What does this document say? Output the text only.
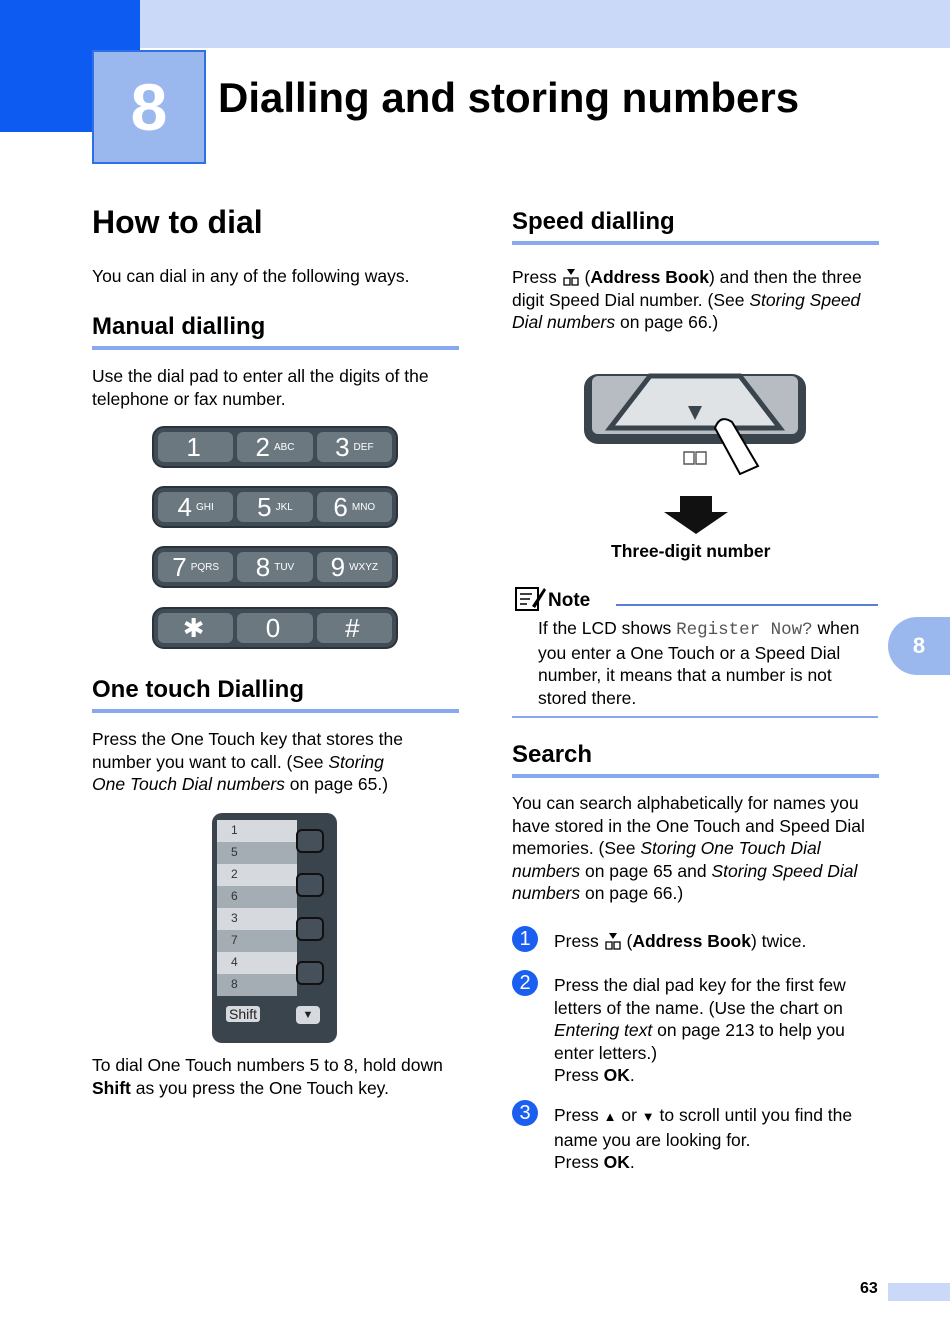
8	Dialling and storing numbers
How to dial
You can dial in any of the following ways.
Manual dialling
Use the dial pad to enter all the digits of the
telephone or fax number.
1 2 ABC 3 DEF
4 GHI 5 JKL 6 MNO
7 PQRS 8 TUV 9 WXYZ
✱ 0 #
One touch Dialling
Press the One Touch key that stores the
number you want to call. (See Storing
One Touch Dial numbers on page 65.)
1
5
2
6
3
7
4
8
Shift	▼
To dial One Touch numbers 5 to 8, hold down
Shift as you press the One Touch key.
Speed dialling
Press  (Address Book) and then the three
digit Speed Dial number. (See Storing Speed
Dial numbers on page 66.)
Three-digit number
Note
If the LCD shows Register Now? when
you enter a One Touch or a Speed Dial
number, it means that a number is not
stored there.
8
Search
You can search alphabetically for names you
have stored in the One Touch and Speed Dial
memories. (See Storing One Touch Dial
numbers on page 65 and Storing Speed Dial
numbers on page 66.)
1	Press  (Address Book) twice.
2	Press the dial pad key for the first few
letters of the name. (Use the chart on
Entering text on page 213 to help you
enter letters.)
Press OK.
3	Press ▲ or ▼ to scroll until you find the
name you are looking for.
Press OK.
63
